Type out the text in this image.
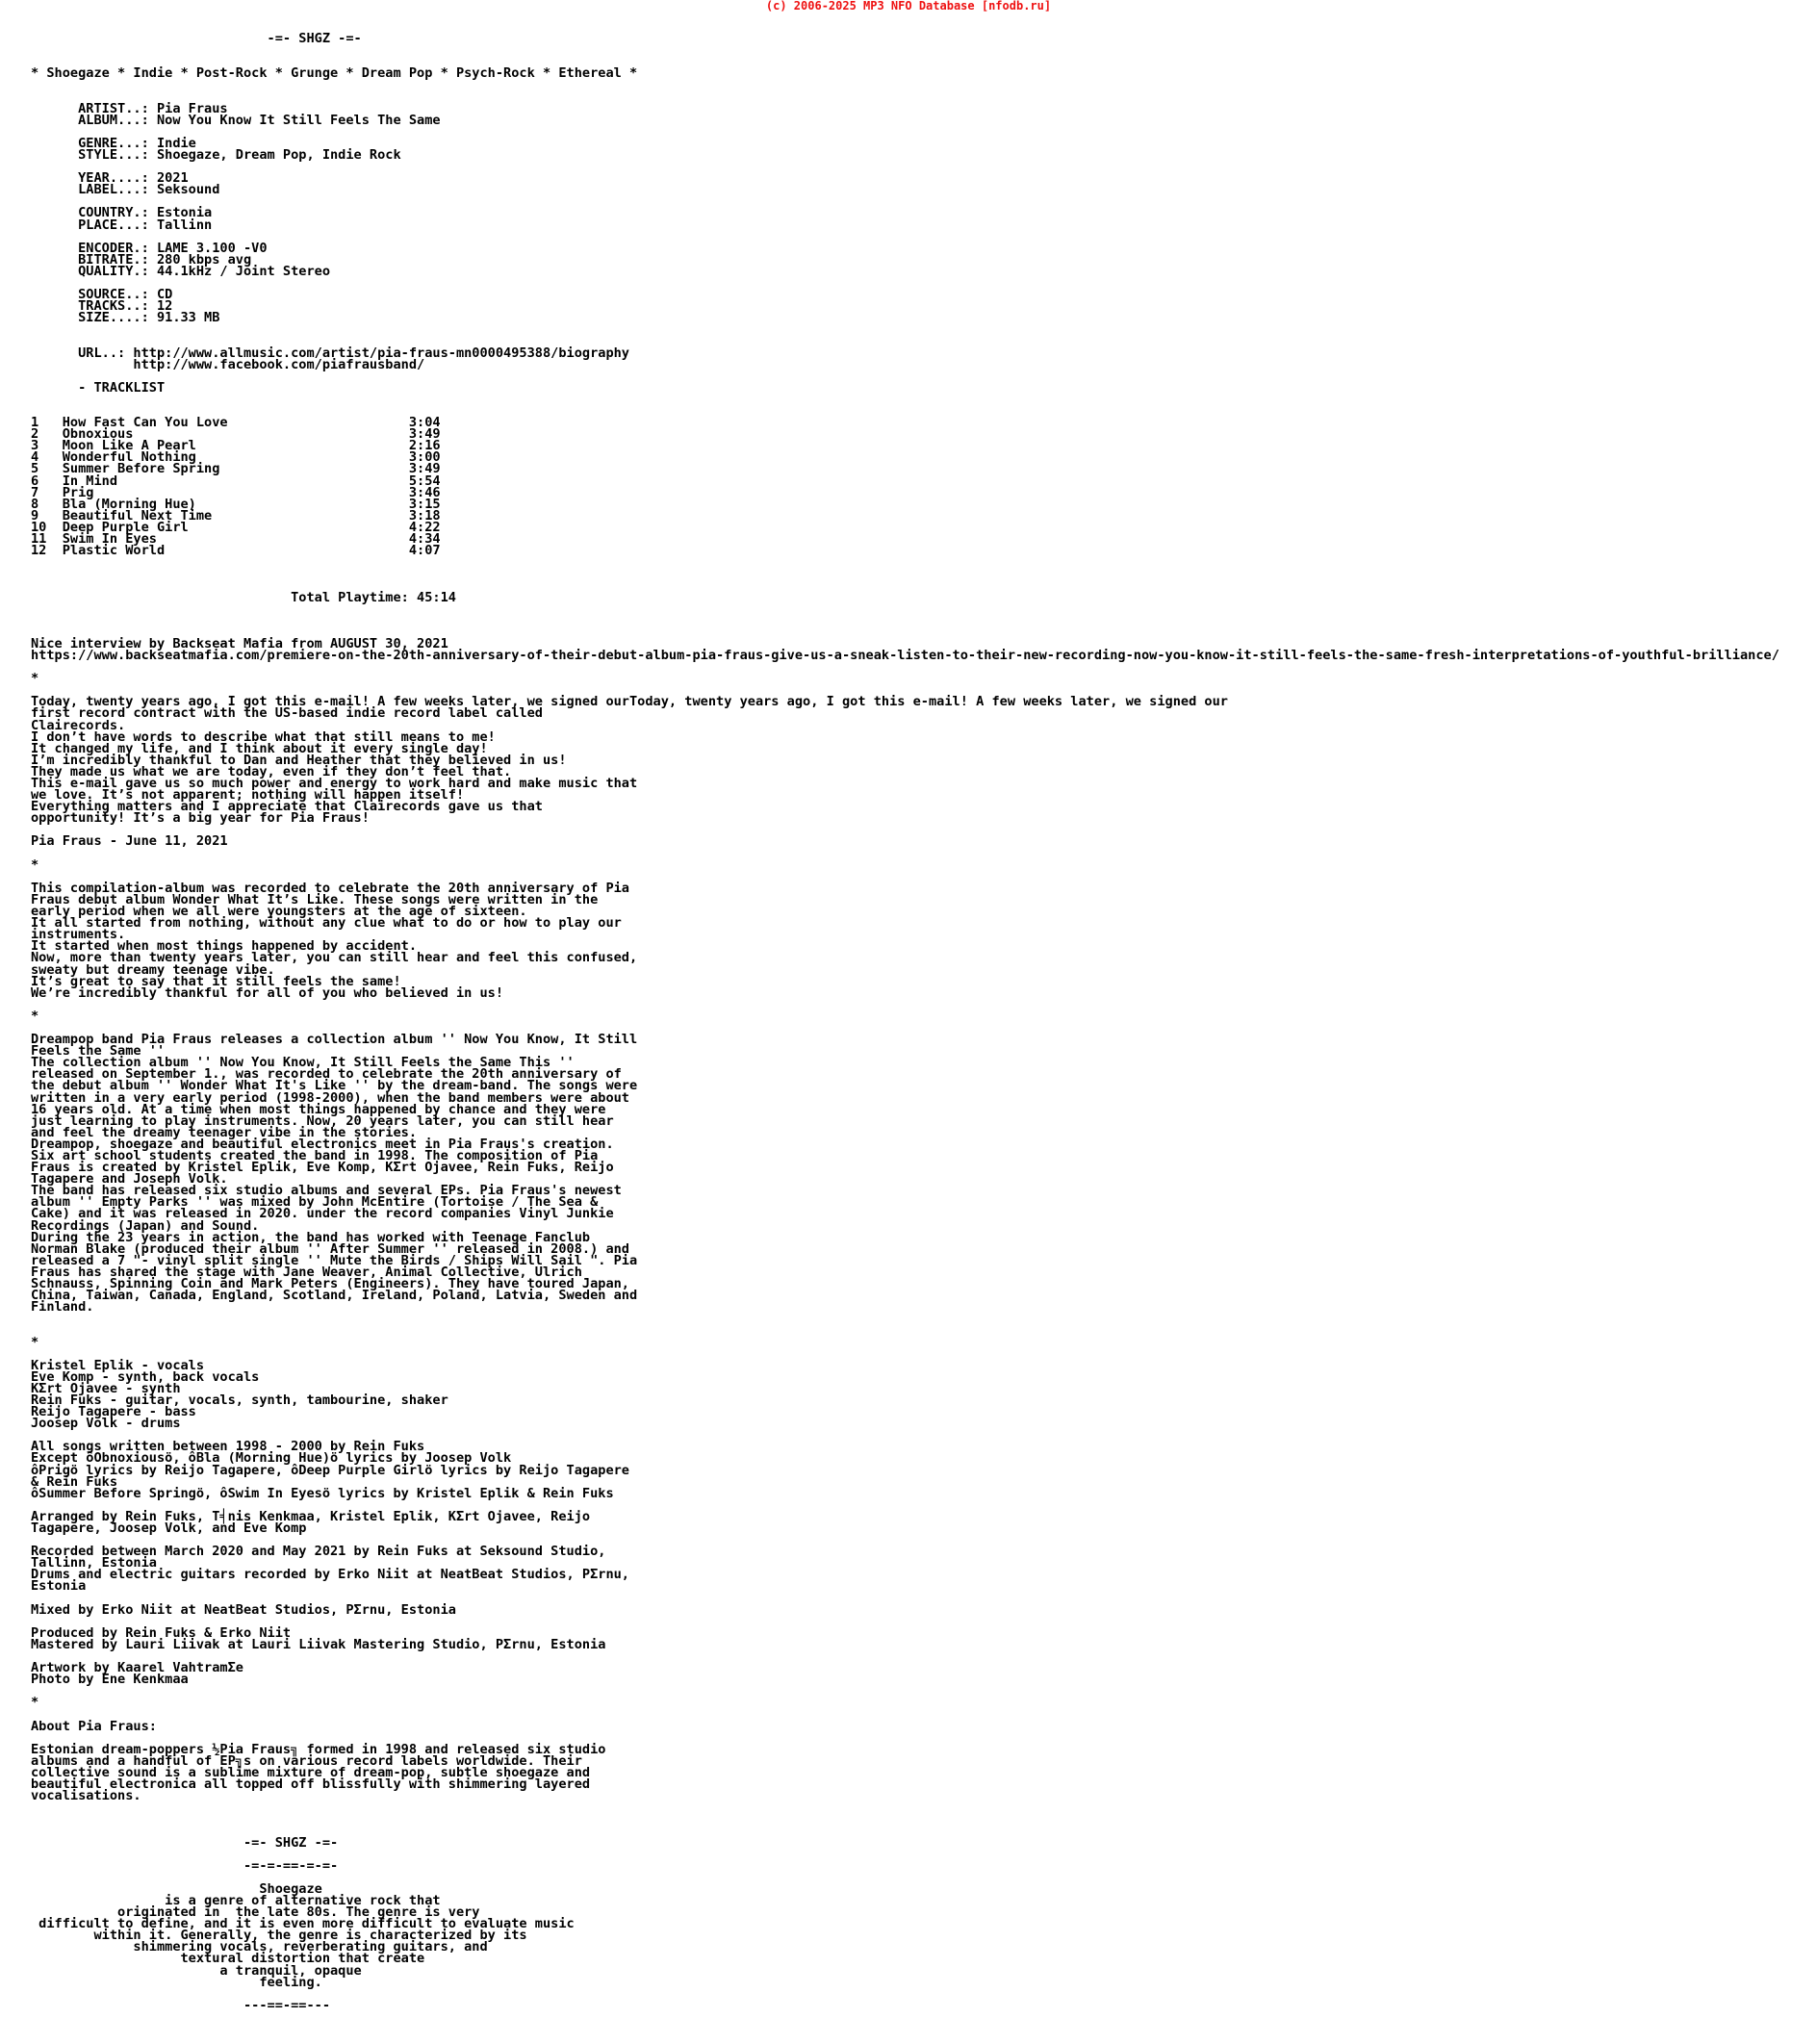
(c) 2006-2025 MP3 NFO Database [nfodb.ru]
-=- SHGZ -=-

* Shoegaze * Indie * Post-Rock * Grunge * Dream Pop * Psych-Rock * Ethereal *

ARTIST..: Pia Fraus
ALBUM...: Now You Know It Still Feels The Same

GENRE...: Indie
STYLE...: Shoegaze, Dream Pop, Indie Rock

YEAR....: 2021
LABEL...: Seksound

COUNTRY.: Estonia
PLACE...: Tallinn

ENCODER.: LAME 3.100 -V0
BITRATE.: 280 kbps avg
QUALITY.: 44.1kHz / Joint Stereo

SOURCE..: CD
TRACKS..: 12
SIZE....: 91.33 MB

URL..: http://www.allmusic.com/artist/pia-fraus-mn0000495388/biography
http://www.facebook.com/piafrausband/

- TRACKLIST

1   How Fast Can You Love                       3:04
2   Obnoxious                                   3:49
3   Moon Like A Pearl                           2:16
4   Wonderful Nothing                           3:00
5   Summer Before Spring                        3:49
6   In Mind                                     5:54
7   Prig                                        3:46
8   Bla (Morning Hue)                           3:15
9   Beautiful Next Time                         3:18
10  Deep Purple Girl                            4:22
11  Swim In Eyes                                4:34
12  Plastic World                               4:07

Total Playtime: 45:14

Nice interview by Backseat Mafia from AUGUST 30, 2021
https://www.backseatmafia.com/premiere-on-the-20th-anniversary-of-their-debut-album-pia-fraus-give-us-a-sneak-listen-to-their-new-recording-now-you-know-it-still-feels-the-same-fresh-interpretations-of-youthful-brilliance/

*

Today, twenty years ago, I got this e-mail! A few weeks later, we signed ourToday, twenty years ago, I got this e-mail! A few weeks later, we signed our
first record contract with the US-based indie record label called
Clairecords.
I don’t have words to describe what that still means to me!
It changed my life, and I think about it every single day!
I’m incredibly thankful to Dan and Heather that they believed in us!
They made us what we are today, even if they don’t feel that.
This e-mail gave us so much power and energy to work hard and make music that
we love. It’s not apparent; nothing will happen itself!
Everything matters and I appreciate that Clairecords gave us that
opportunity! It’s a big year for Pia Fraus!

Pia Fraus - June 11, 2021

*

This compilation-album was recorded to celebrate the 20th anniversary of Pia
Fraus debut album Wonder What It’s Like. These songs were written in the
early period when we all were youngsters at the age of sixteen.
It all started from nothing, without any clue what to do or how to play our
instruments.
It started when most things happened by accident.
Now, more than twenty years later, you can still hear and feel this confused,
sweaty but dreamy teenage vibe.
It’s great to say that it still feels the same!
We’re incredibly thankful for all of you who believed in us!

*

Dreampop band Pia Fraus releases a collection album '' Now You Know, It Still
Feels the Same ''
The collection album '' Now You Know, It Still Feels the Same This ''
released on September 1., was recorded to celebrate the 20th anniversary of
the debut album '' Wonder What It's Like '' by the dream-band. The songs were
written in a very early period (1998-2000), when the band members were about
16 years old. At a time when most things happened by chance and they were
just learning to play instruments. Now, 20 years later, you can still hear
and feel the dreamy teenager vibe in the stories.
Dreampop, shoegaze and beautiful electronics meet in Pia Fraus's creation.
Six art school students created the band in 1998. The composition of Pia
Fraus is created by Kristel Eplik, Eve Komp, KΣrt Ojavee, Rein Fuks, Reijo
Tagapere and Joseph Volk.
The band has released six studio albums and several EPs. Pia Fraus's newest
album '' Empty Parks '' was mixed by John McEntire (Tortoise / The Sea &
Cake) and it was released in 2020. under the record companies Vinyl Junkie
Recordings (Japan) and Sound.
During the 23 years in action, the band has worked with Teenage Fanclub
Norman Blake (produced their album '' After Summer '' released in 2008.) and
released a 7 "- vinyl split single '' Mute the Birds / Ships Will Sail ". Pia
Fraus has shared the stage with Jane Weaver, Animal Collective, Ulrich
Schnauss, Spinning Coin and Mark Peters (Engineers). They have toured Japan,
China, Taiwan, Canada, England, Scotland, Ireland, Poland, Latvia, Sweden and
Finland.

*

Kristel Eplik - vocals
Eve Komp - synth, back vocals
KΣrt Ojavee - synth
Rein Fuks - guitar, vocals, synth, tambourine, shaker
Reijo Tagapere - bass
Joosep Volk - drums

All songs written between 1998 - 2000 by Rein Fuks
Except ôObnoxiousö, ôBla (Morning Hue)ö lyrics by Joosep Volk
ôPrigö lyrics by Reijo Tagapere, ôDeep Purple Girlö lyrics by Reijo Tagapere
& Rein Fuks
ôSummer Before Springö, ôSwim In Eyesö lyrics by Kristel Eplik & Rein Fuks

Arranged by Rein Fuks, T╡nis Kenkmaa, Kristel Eplik, KΣrt Ojavee, Reijo
Tagapere, Joosep Volk, and Eve Komp

Recorded between March 2020 and May 2021 by Rein Fuks at Seksound Studio,
Tallinn, Estonia
Drums and electric guitars recorded by Erko Niit at NeatBeat Studios, PΣrnu,
Estonia

Mixed by Erko Niit at NeatBeat Studios, PΣrnu, Estonia

Produced by Rein Fuks & Erko Niit
Mastered by Lauri Liivak at Lauri Liivak Mastering Studio, PΣrnu, Estonia

Artwork by Kaarel VahtramΣe
Photo by Ene Kenkmaa

*

About Pia Fraus:

Estonian dream-poppers ½Pia Fraus╗ formed in 1998 and released six studio
albums and a handful of EP╗s on various record labels worldwide. Their
collective sound is a sublime mixture of dream-pop, subtle shoegaze and
beautiful electronica all topped off blissfully with shimmering layered
vocalisations.

-=- SHGZ -=-

-=-=-==-=-=-

Shoegaze
is a genre of alternative rock that
originated in  the late 80s. The genre is very
difficult to define, and it is even more difficult to evaluate music
within it. Generally, the genre is characterized by its
shimmering vocals, reverberating guitars, and
textural distortion that create
a tranquil, opaque
feeling.

---==-==---
